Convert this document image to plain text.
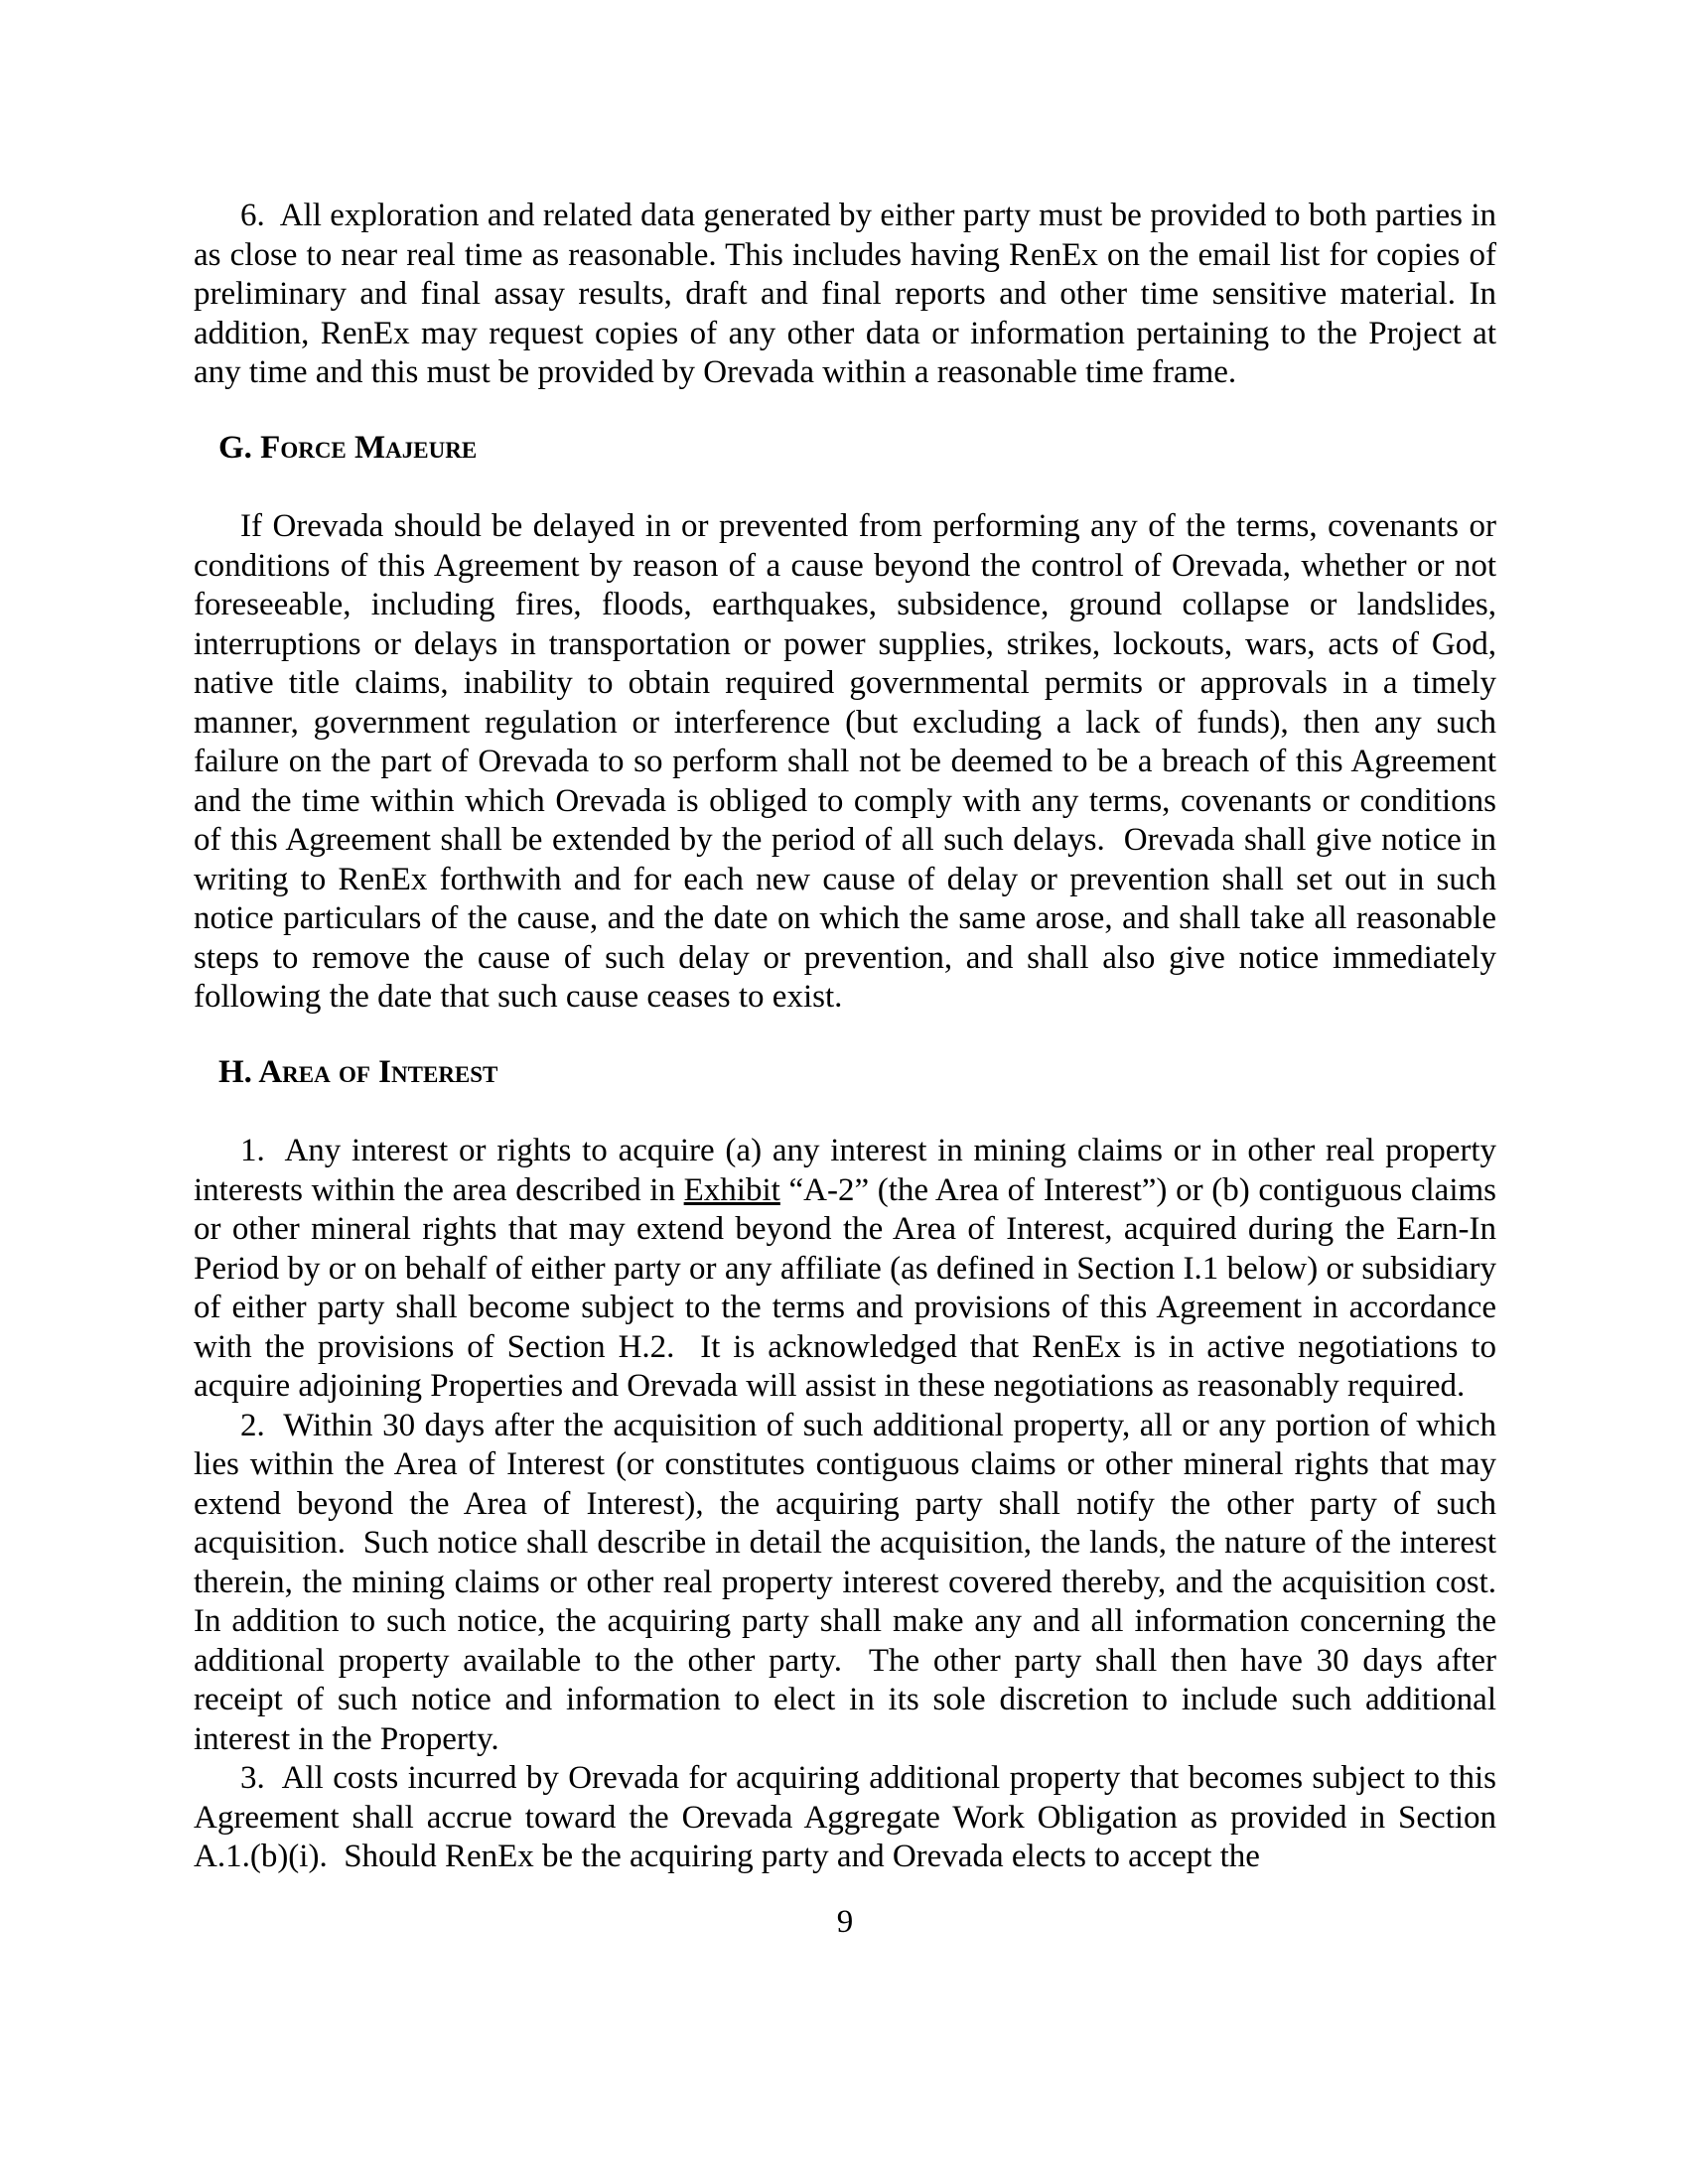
6.  All exploration and related data generated by either party must be provided to both parties in as close to near real time as reasonable. This includes having RenEx on the email list for copies of preliminary and final assay results, draft and final reports and other time sensitive material. In addition, RenEx may request copies of any other data or information pertaining to the Project at any time and this must be provided by Orevada within a reasonable time frame.

G. Force Majeure

If Orevada should be delayed in or prevented from performing any of the terms, covenants or conditions of this Agreement by reason of a cause beyond the control of Orevada, whether or not foreseeable, including fires, floods, earthquakes, subsidence, ground collapse or landslides, interruptions or delays in transportation or power supplies, strikes, lockouts, wars, acts of God, native title claims, inability to obtain required governmental permits or approvals in a timely manner, government regulation or interference (but excluding a lack of funds), then any such failure on the part of Orevada to so perform shall not be deemed to be a breach of this Agreement and the time within which Orevada is obliged to comply with any terms, covenants or conditions of this Agreement shall be extended by the period of all such delays.  Orevada shall give notice in writing to RenEx forthwith and for each new cause of delay or prevention shall set out in such notice particulars of the cause, and the date on which the same arose, and shall take all reasonable steps to remove the cause of such delay or prevention, and shall also give notice immediately following the date that such cause ceases to exist.

H. Area of Interest

1.  Any interest or rights to acquire (a) any interest in mining claims or in other real property interests within the area described in Exhibit “A-2” (the Area of Interest”) or (b) contiguous claims or other mineral rights that may extend beyond the Area of Interest, acquired during the Earn-In Period by or on behalf of either party or any affiliate (as defined in Section I.1 below) or subsidiary of either party shall become subject to the terms and provisions of this Agreement in accordance with the provisions of Section H.2.  It is acknowledged that RenEx is in active negotiations to acquire adjoining Properties and Orevada will assist in these negotiations as reasonably required.

2.  Within 30 days after the acquisition of such additional property, all or any portion of which lies within the Area of Interest (or constitutes contiguous claims or other mineral rights that may extend beyond the Area of Interest), the acquiring party shall notify the other party of such acquisition.  Such notice shall describe in detail the acquisition, the lands, the nature of the interest therein, the mining claims or other real property interest covered thereby, and the acquisition cost.  In addition to such notice, the acquiring party shall make any and all information concerning the additional property available to the other party.  The other party shall then have 30 days after receipt of such notice and information to elect in its sole discretion to include such additional interest in the Property.

3.  All costs incurred by Orevada for acquiring additional property that becomes subject to this Agreement shall accrue toward the Orevada Aggregate Work Obligation as provided in Section A.1.(b)(i).  Should RenEx be the acquiring party and Orevada elects to accept the

9
